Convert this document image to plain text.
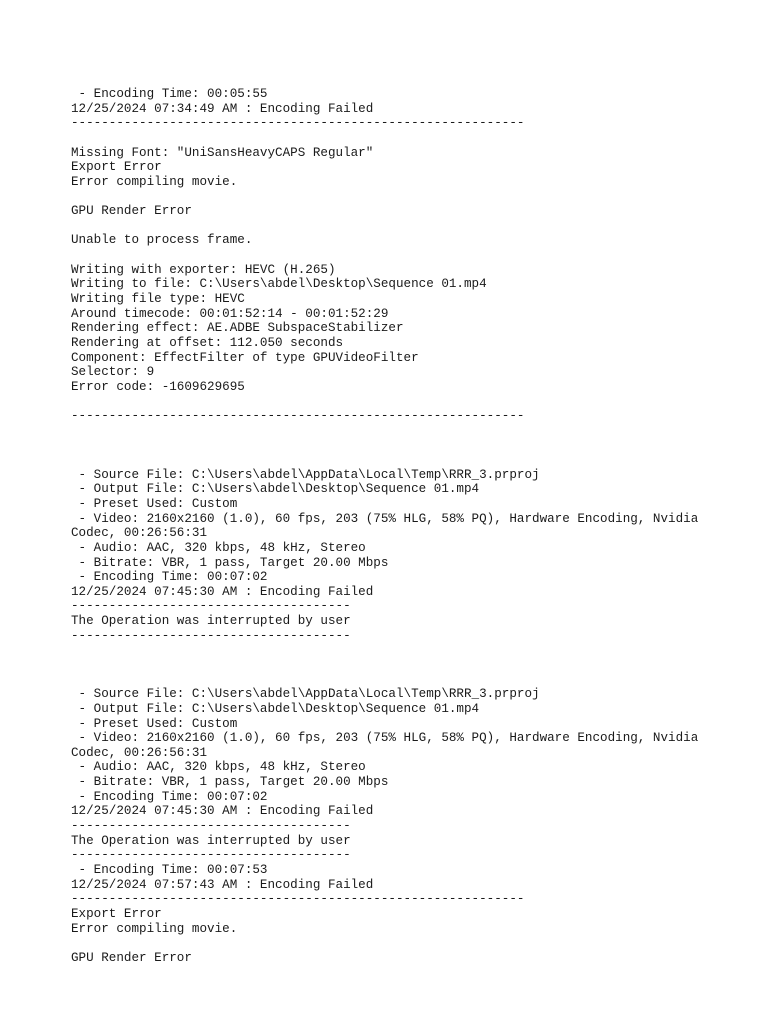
- Encoding Time: 00:05:55
12/25/2024 07:34:49 AM : Encoding Failed
------------------------------------------------------------
Missing Font: "UniSansHeavyCAPS Regular"
Export Error
Error compiling movie.
GPU Render Error
Unable to process frame.
Writing with exporter: HEVC (H.265)
Writing to file: C:\Users\abdel\Desktop\Sequence 01.mp4
Writing file type: HEVC
Around timecode: 00:01:52:14 - 00:01:52:29
Rendering effect: AE.ADBE SubspaceStabilizer
Rendering at offset: 112.050 seconds
Component: EffectFilter of type GPUVideoFilter
Selector: 9
Error code: -1609629695
------------------------------------------------------------
- Source File: C:\Users\abdel\AppData\Local\Temp\RRR_3.prproj
- Output File: C:\Users\abdel\Desktop\Sequence 01.mp4
- Preset Used: Custom
- Video: 2160x2160 (1.0), 60 fps, 203 (75% HLG, 58% PQ), Hardware Encoding, Nvidia
Codec, 00:26:56:31
- Audio: AAC, 320 kbps, 48 kHz, Stereo
- Bitrate: VBR, 1 pass, Target 20.00 Mbps
- Encoding Time: 00:07:02
12/25/2024 07:45:30 AM : Encoding Failed
-------------------------------------
The Operation was interrupted by user
-------------------------------------
- Source File: C:\Users\abdel\AppData\Local\Temp\RRR_3.prproj
- Output File: C:\Users\abdel\Desktop\Sequence 01.mp4
- Preset Used: Custom
- Video: 2160x2160 (1.0), 60 fps, 203 (75% HLG, 58% PQ), Hardware Encoding, Nvidia
Codec, 00:26:56:31
- Audio: AAC, 320 kbps, 48 kHz, Stereo
- Bitrate: VBR, 1 pass, Target 20.00 Mbps
- Encoding Time: 00:07:02
12/25/2024 07:45:30 AM : Encoding Failed
-------------------------------------
The Operation was interrupted by user
-------------------------------------
- Encoding Time: 00:07:53
12/25/2024 07:57:43 AM : Encoding Failed
------------------------------------------------------------
Export Error
Error compiling movie.
GPU Render Error
